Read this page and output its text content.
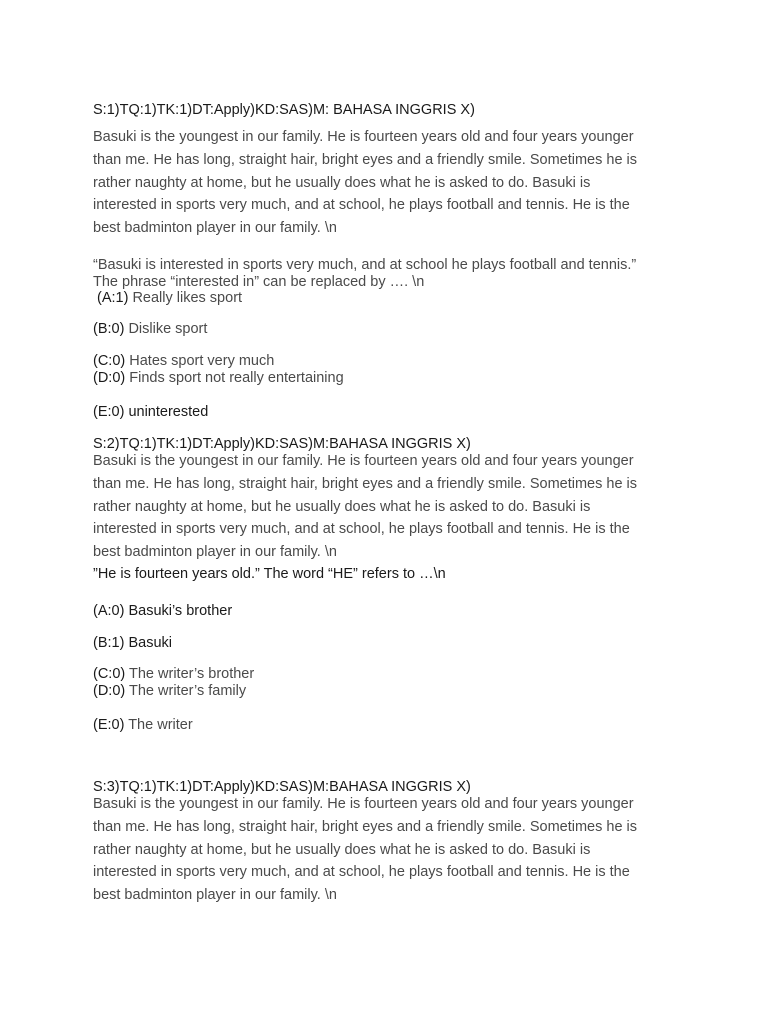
S:1)TQ:1)TK:1)DT:Apply)KD:SAS)M: BAHASA INGGRIS X)
Basuki is the youngest in our family. He is fourteen years old and four years younger
than me. He has long, straight hair, bright eyes and a friendly smile. Sometimes he is
rather naughty at home, but he usually does what he is asked to do. Basuki is
interested in sports very much, and at school, he plays football and tennis. He is the
best badminton player in our family. \n
“Basuki is interested in sports very much, and at school he plays football and tennis.”
The phrase “interested in” can be replaced by …. \n
(A:1) Really likes sport
(B:0) Dislike sport
(C:0) Hates sport very much
(D:0) Finds sport not really entertaining
(E:0) uninterested
S:2)TQ:1)TK:1)DT:Apply)KD:SAS)M:BAHASA INGGRIS X)
Basuki is the youngest in our family. He is fourteen years old and four years younger
than me. He has long, straight hair, bright eyes and a friendly smile. Sometimes he is
rather naughty at home, but he usually does what he is asked to do. Basuki is
interested in sports very much, and at school, he plays football and tennis. He is the
best badminton player in our family. \n
”He is fourteen years old.” The word “HE” refers to …\n
(A:0) Basuki’s brother
(B:1) Basuki
(C:0) The writer’s brother
(D:0) The writer’s family
(E:0) The writer
S:3)TQ:1)TK:1)DT:Apply)KD:SAS)M:BAHASA INGGRIS X)
Basuki is the youngest in our family. He is fourteen years old and four years younger
than me. He has long, straight hair, bright eyes and a friendly smile. Sometimes he is
rather naughty at home, but he usually does what he is asked to do. Basuki is
interested in sports very much, and at school, he plays football and tennis. He is the
best badminton player in our family. \n
